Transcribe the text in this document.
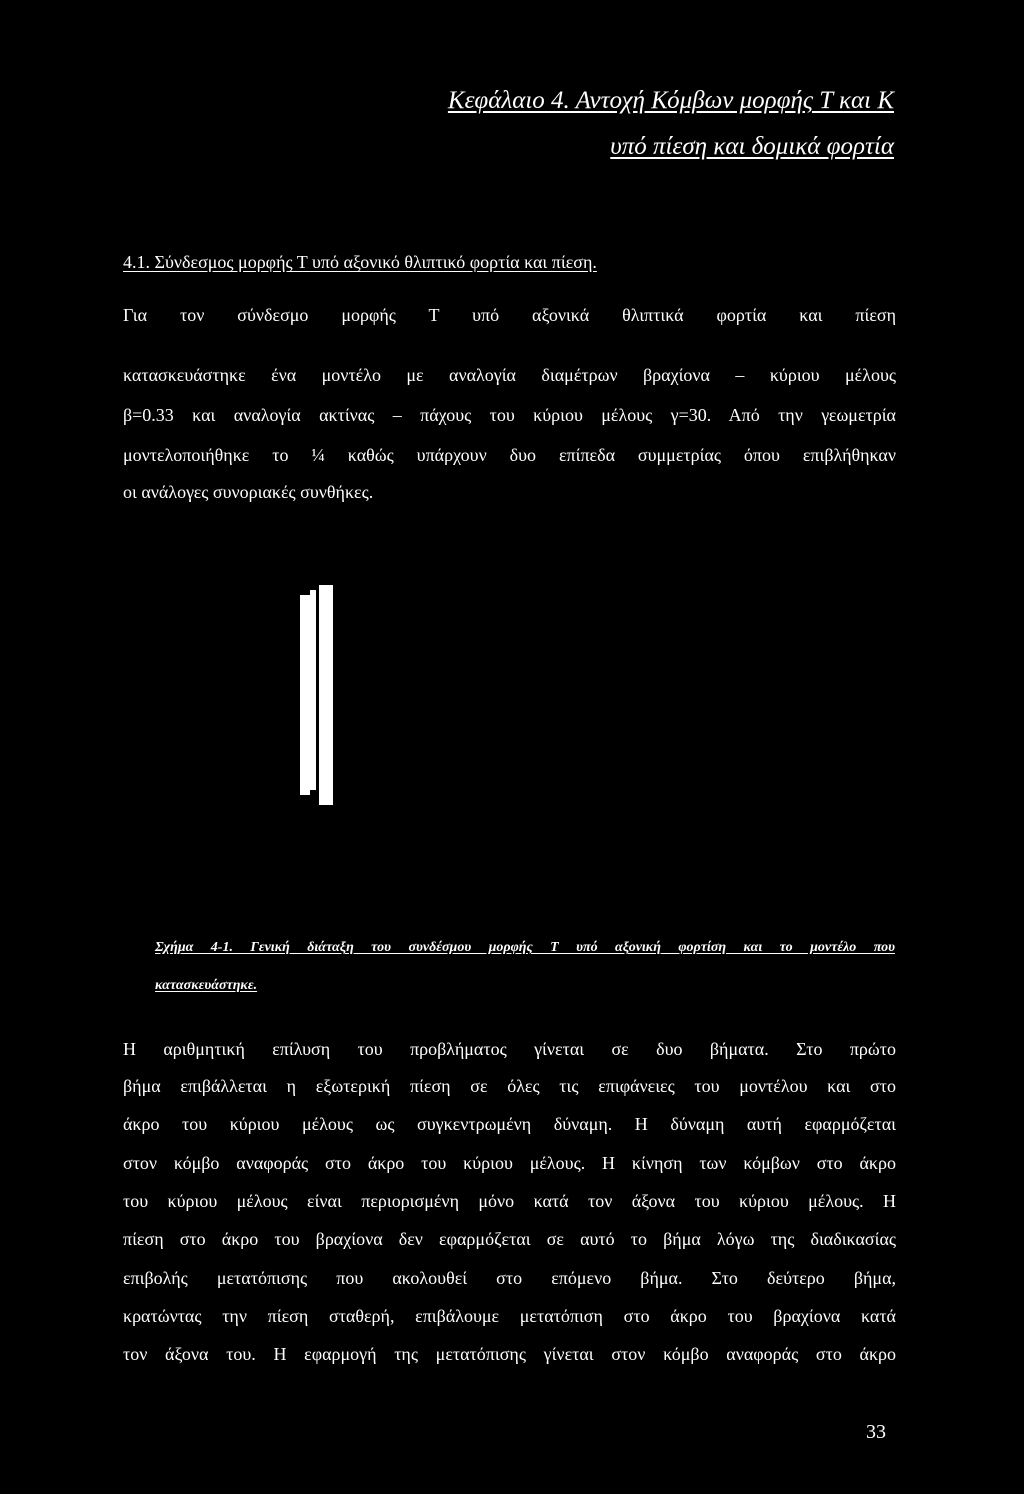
Κεφάλαιο 4. Αντοχή Κόμβων μορφής Τ και Κ
υπό πίεση και δομικά φορτία
4.1. Σύνδεσμος μορφής Τ υπό αξονικό θλιπτικό φορτία και πίεση.
Για τον σύνδεσμο μορφής Τ υπό αξονικά θλιπτικά φορτία και πίεση
κατασκευάστηκε ένα μοντέλο με αναλογία διαμέτρων βραχίονα – κύριου μέλους
β=0.33 και αναλογία ακτίνας – πάχους του κύριου μέλους γ=30. Από την γεωμετρία
μοντελοποιήθηκε το ¼ καθώς υπάρχουν δυο επίπεδα συμμετρίας όπου επιβλήθηκαν
οι ανάλογες συνοριακές συνθήκες.
Σχήμα 4-1. Γενική διάταξη του συνδέσμου μορφής Τ υπό αξονική φορτίση και το μοντέλο που
κατασκευάστηκε.
Η αριθμητική επίλυση του προβλήματος γίνεται σε δυο βήματα. Στο πρώτο
βήμα επιβάλλεται η εξωτερική πίεση σε όλες τις επιφάνειες του μοντέλου και στο
άκρο του κύριου μέλους ως συγκεντρωμένη δύναμη. Η δύναμη αυτή εφαρμόζεται
στον κόμβο αναφοράς στο άκρο του κύριου μέλους. Η κίνηση των κόμβων στο άκρο
του κύριου μέλους είναι περιορισμένη μόνο κατά τον άξονα του κύριου μέλους. Η
πίεση στο άκρο του βραχίονα δεν εφαρμόζεται σε αυτό το βήμα λόγω της διαδικασίας
επιβολής μετατόπισης που ακολουθεί στο επόμενο βήμα. Στο δεύτερο βήμα,
κρατώντας την πίεση σταθερή, επιβάλουμε μετατόπιση στο άκρο του βραχίονα κατά
τον άξονα του. Η εφαρμογή της μετατόπισης γίνεται στον κόμβο αναφοράς στο άκρο
33
